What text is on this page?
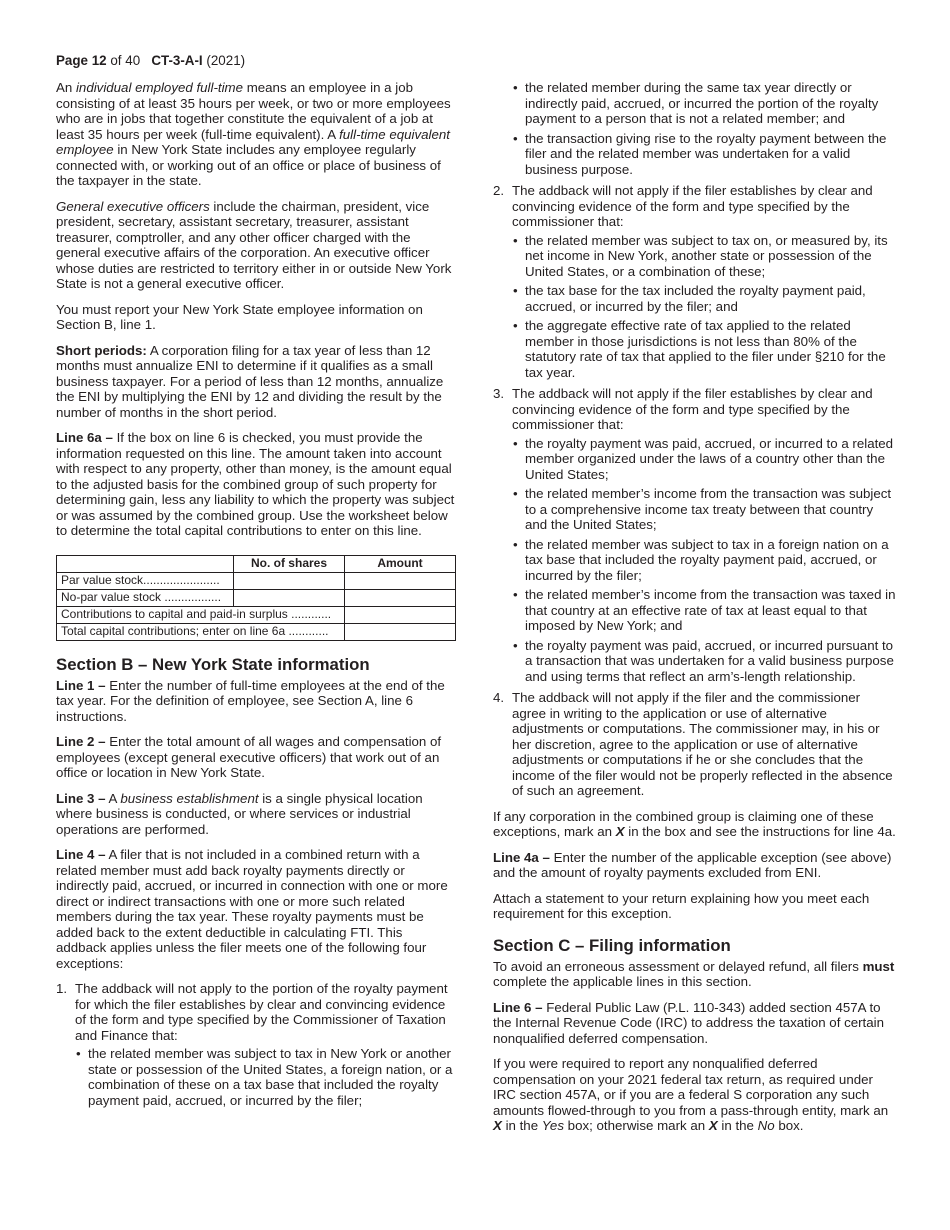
Page 12 of 40 CT-3-A-I (2021)

An individual employed full-time means an employee in a job consisting of at least 35 hours per week, or two or more employees who are in jobs that together constitute the equivalent of a job at least 35 hours per week (full-time equivalent). A full-time equivalent employee in New York State includes any employee regularly connected with, or working out of an office or place of business of the taxpayer in the state.

General executive officers include the chairman, president, vice president, secretary, assistant secretary, treasurer, assistant treasurer, comptroller, and any other officer charged with the general executive affairs of the corporation. An executive officer whose duties are restricted to territory either in or outside New York State is not a general executive officer.

You must report your New York State employee information on Section B, line 1.

Short periods: A corporation filing for a tax year of less than 12 months must annualize ENI to determine if it qualifies as a small business taxpayer. For a period of less than 12 months, annualize the ENI by multiplying the ENI by 12 and dividing the result by the number of months in the short period.

Line 6a – If the box on line 6 is checked, you must provide the information requested on this line. The amount taken into account with respect to any property, other than money, is the amount equal to the adjusted basis for the combined group of such property for determining gain, less any liability to which the property was subject or was assumed by the combined group. Use the worksheet below to determine the total capital contributions to enter on this line.

	No. of shares	Amount
Par value stock.......................		
No-par value stock .................		
Contributions to capital and paid-in surplus ............		
Total capital contributions; enter on line 6a ............		
Section B – New York State information

Line 1 – Enter the number of full-time employees at the end of the tax year. For the definition of employee, see Section A, line 6 instructions.

Line 2 – Enter the total amount of all wages and compensation of employees (except general executive officers) that work out of an office or location in New York State.

Line 3 – A business establishment is a single physical location where business is conducted, or where services or industrial operations are performed.

Line 4 – A filer that is not included in a combined return with a related member must add back royalty payments directly or indirectly paid, accrued, or incurred in connection with one or more direct or indirect transactions with one or more such related members during the tax year. These royalty payments must be added back to the extent deductible in calculating FTI. This addback applies unless the filer meets one of the following four exceptions:

1. The addback will not apply to the portion of the royalty payment for which the filer establishes by clear and convincing evidence of the form and type specified by the Commissioner of Taxation and Finance that:
• the related member was subject to tax in New York or another state or possession of the United States, a foreign nation, or a combination of these on a tax base that included the royalty payment paid, accrued, or incurred by the filer;
• the related member during the same tax year directly or indirectly paid, accrued, or incurred the portion of the royalty payment to a person that is not a related member; and
• the transaction giving rise to the royalty payment between the filer and the related member was undertaken for a valid business purpose.
2. The addback will not apply if the filer establishes by clear and convincing evidence of the form and type specified by the commissioner that:
• the related member was subject to tax on, or measured by, its net income in New York, another state or possession of the United States, or a combination of these;
• the tax base for the tax included the royalty payment paid, accrued, or incurred by the filer; and
• the aggregate effective rate of tax applied to the related member in those jurisdictions is not less than 80% of the statutory rate of tax that applied to the filer under §210 for the tax year.
3. The addback will not apply if the filer establishes by clear and convincing evidence of the form and type specified by the commissioner that:
• the royalty payment was paid, accrued, or incurred to a related member organized under the laws of a country other than the United States;
• the related member’s income from the transaction was subject to a comprehensive income tax treaty between that country and the United States;
• the related member was subject to tax in a foreign nation on a tax base that included the royalty payment paid, accrued, or incurred by the filer;
• the related member’s income from the transaction was taxed in that country at an effective rate of tax at least equal to that imposed by New York; and
• the royalty payment was paid, accrued, or incurred pursuant to a transaction that was undertaken for a valid business purpose and using terms that reflect an arm’s-length relationship.
4. The addback will not apply if the filer and the commissioner agree in writing to the application or use of alternative adjustments or computations. The commissioner may, in his or her discretion, agree to the application or use of alternative adjustments or computations if he or she concludes that the income of the filer would not be properly reflected in the absence of such an agreement.

If any corporation in the combined group is claiming one of these exceptions, mark an X in the box and see the instructions for line 4a.

Line 4a – Enter the number of the applicable exception (see above) and the amount of royalty payments excluded from ENI.

Attach a statement to your return explaining how you meet each requirement for this exception.

Section C – Filing information

To avoid an erroneous assessment or delayed refund, all filers must complete the applicable lines in this section.

Line 6 – Federal Public Law (P.L. 110-343) added section 457A to the Internal Revenue Code (IRC) to address the taxation of certain nonqualified deferred compensation.

If you were required to report any nonqualified deferred compensation on your 2021 federal tax return, as required under IRC section 457A, or if you are a federal S corporation any such amounts flowed-through to you from a pass-through entity, mark an X in the Yes box; otherwise mark an X in the No box.
